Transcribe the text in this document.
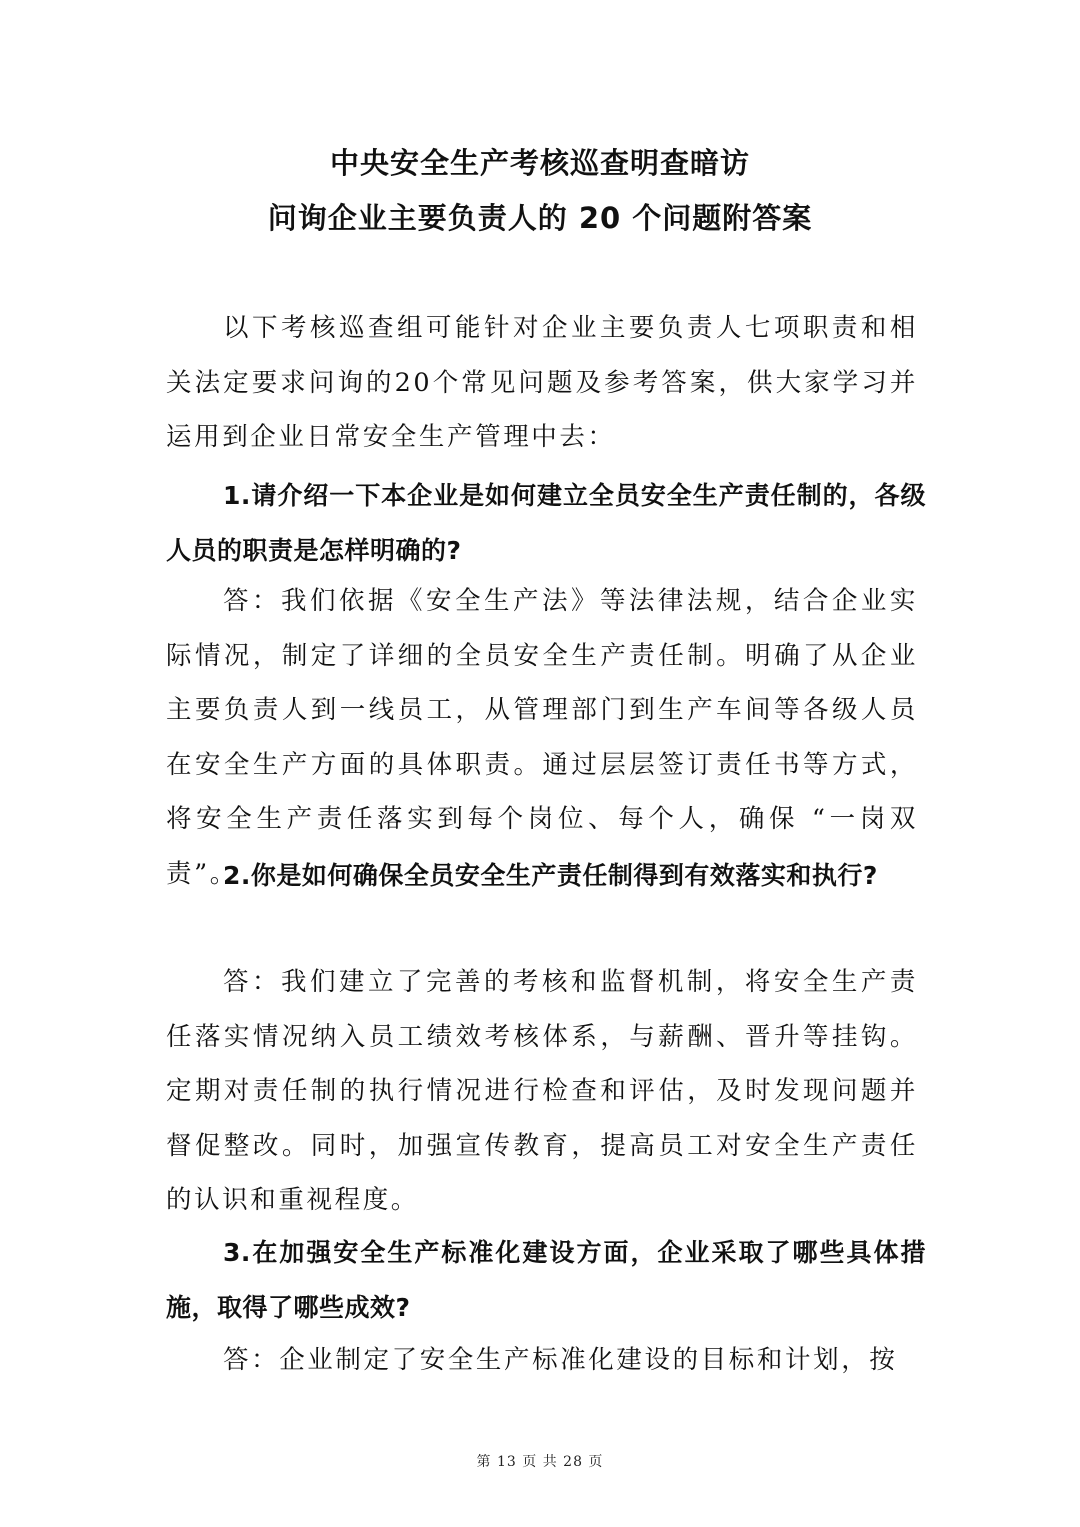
中央安全生产考核巡查明查暗访
问询企业主要负责人的 20 个问题附答案

以下考核巡查组可能针对企业主要负责人七项职责和相关法定要求问询的20个常见问题及参考答案，供大家学习并运用到企业日常安全生产管理中去：

1.请介绍一下本企业是如何建立全员安全生产责任制的，各级人员的职责是怎样明确的?

答：我们依据《安全生产法》等法律法规，结合企业实际情况，制定了详细的全员安全生产责任制。明确了从企业主要负责人到一线员工，从管理部门到生产车间等各级人员在安全生产方面的具体职责。通过层层签订责任书等方式，将安全生产责任落实到每个岗位、每个人，确保 “一岗双责”。

2.你是如何确保全员安全生产责任制得到有效落实和执行?

答：我们建立了完善的考核和监督机制，将安全生产责任落实情况纳入员工绩效考核体系，与薪酬、晋升等挂钩。定期对责任制的执行情况进行检查和评估，及时发现问题并督促整改。同时，加强宣传教育，提高员工对安全生产责任的认识和重视程度。

3.在加强安全生产标准化建设方面，企业采取了哪些具体措施，取得了哪些成效?

答：企业制定了安全生产标准化建设的目标和计划，按

第 13 页 共 28 页
